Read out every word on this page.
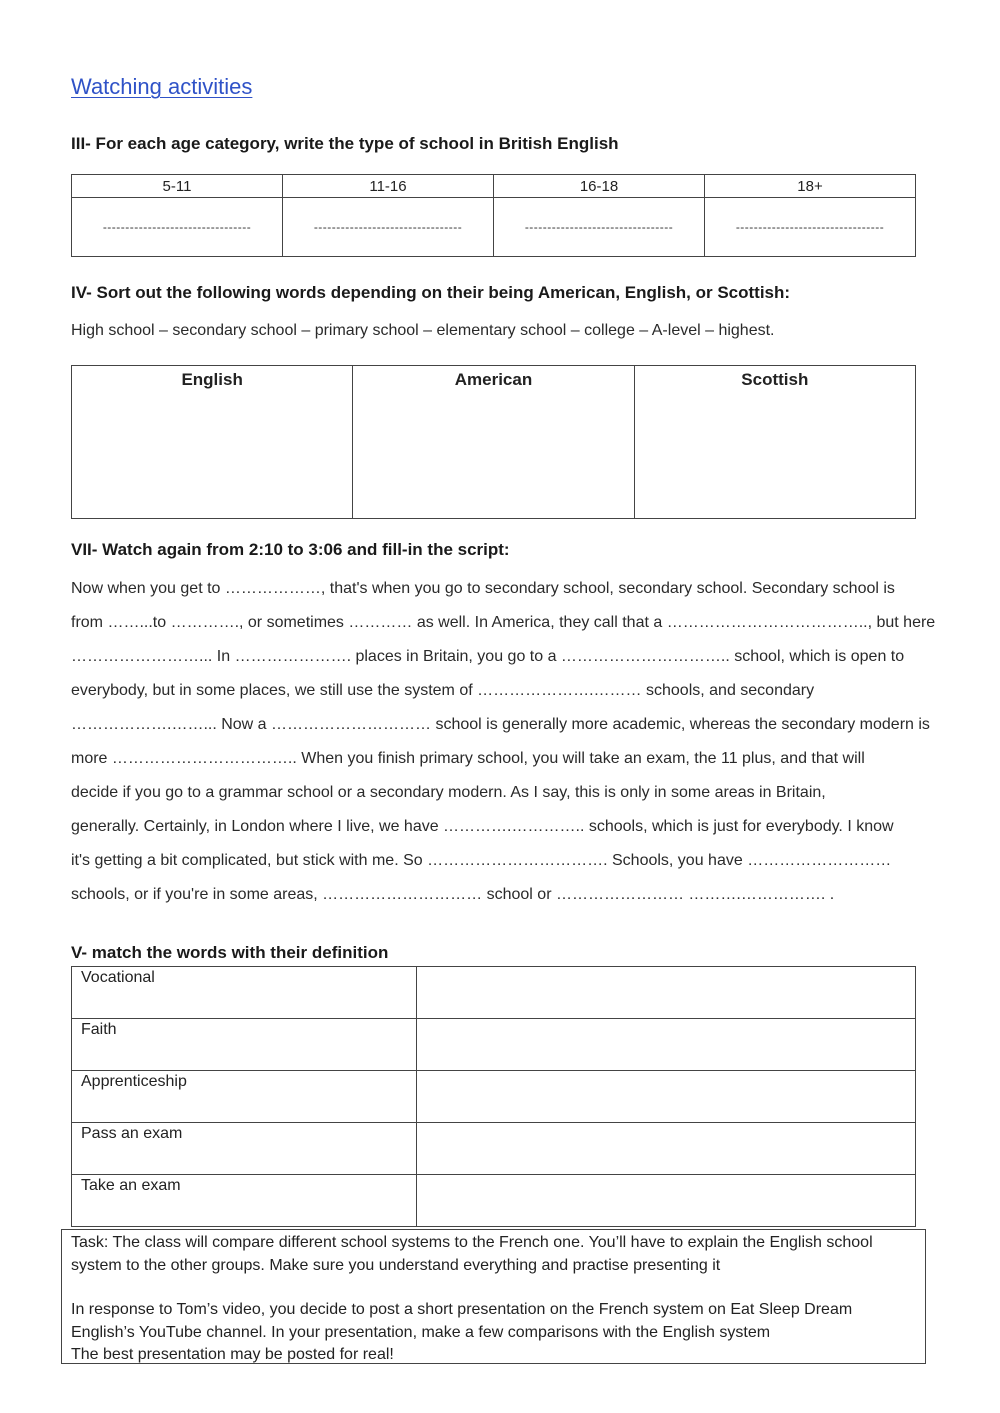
Watching activities
III- For each age category, write the type of school in British English
5-11	11-16	16-18	18+
---------------------------------	---------------------------------	---------------------------------	---------------------------------
IV- Sort out the following words depending on their being American, English, or Scottish:
High school – secondary school – primary school – elementary school – college – A-level – highest.
English	American	Scottish
VII- Watch again from 2:10 to 3:06 and fill-in the script:

Now when you get to ………………, that's when you go to secondary school, secondary school. Secondary school is

from ……...to …………., or sometimes ………… as well. In America, they call that a ……………………………….., but here

……………………... In …………………. places in Britain, you go to a ………………………….. school, which is open to

everybody, but in some places, we still use the system of ………………….……… schools, and secondary

……………….……... Now a ………………………… school is generally more academic, whereas the secondary modern is

more …………………………….. When you finish primary school, you will take an exam, the 11 plus, and that will

decide if you go to a grammar school or a secondary modern. As I say, this is only in some areas in Britain,

generally. Certainly, in London where I live, we have ………….………….. schools, which is just for everybody. I know

it's getting a bit complicated, but stick with me. So ……………………………. Schools, you have ………………………

schools, or if you're in some areas, ………………………… school or …………………… ……….……………. .

V- match the words with their definition
Vocational	
Faith	
Apprenticeship	
Pass an exam	
Take an exam	

Task: The class will compare different school systems to the French one. You’ll have to explain the English school system to the other groups. Make sure you understand everything and practise presenting it

In response to Tom’s video, you decide to post a short presentation on the French system on Eat Sleep Dream English’s YouTube channel. In your presentation, make a few comparisons with the English system

The best presentation may be posted for real!
